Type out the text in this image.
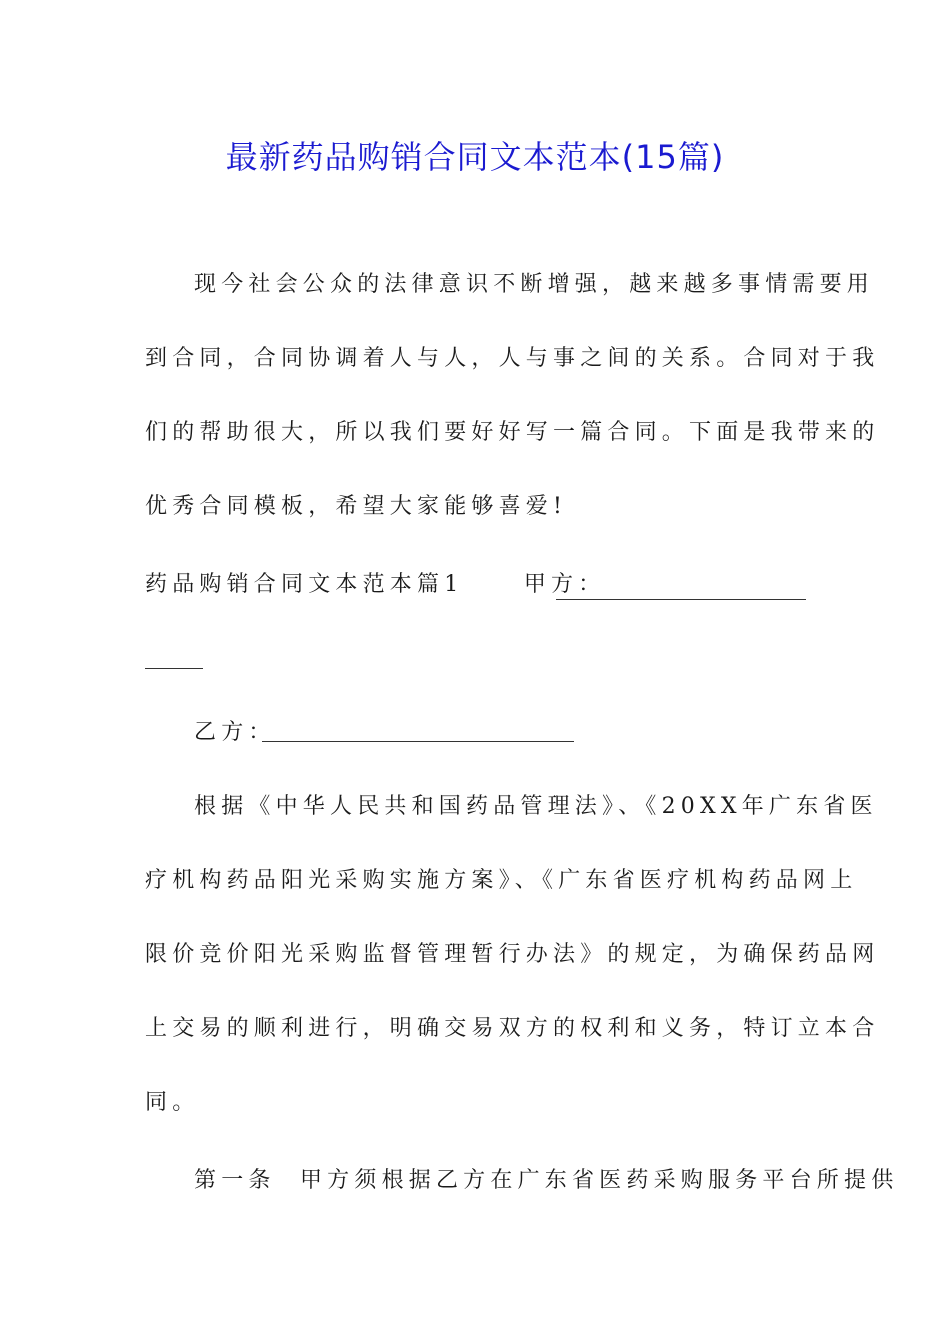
最新药品购销合同文本范本(15篇)
现今社会公众的法律意识不断增强，越来越多事情需要用
到合同，合同协调着人与人，人与事之间的关系。合同对于我
们的帮助很大，所以我们要好好写一篇合同。下面是我带来的
优秀合同模板，希望大家能够喜爱!
药品购销合同文本范本篇1	甲方：
乙方：
根据《中华人民共和国药品管理法》、《20XX年广东省医
疗机构药品阳光采购实施方案》、《广东省医疗机构药品网上
限价竞价阳光采购监督管理暂行办法》的规定，为确保药品网
上交易的顺利进行，明确交易双方的权利和义务，特订立本合
同。
第一条  甲方须根据乙方在广东省医药采购服务平台所提供
